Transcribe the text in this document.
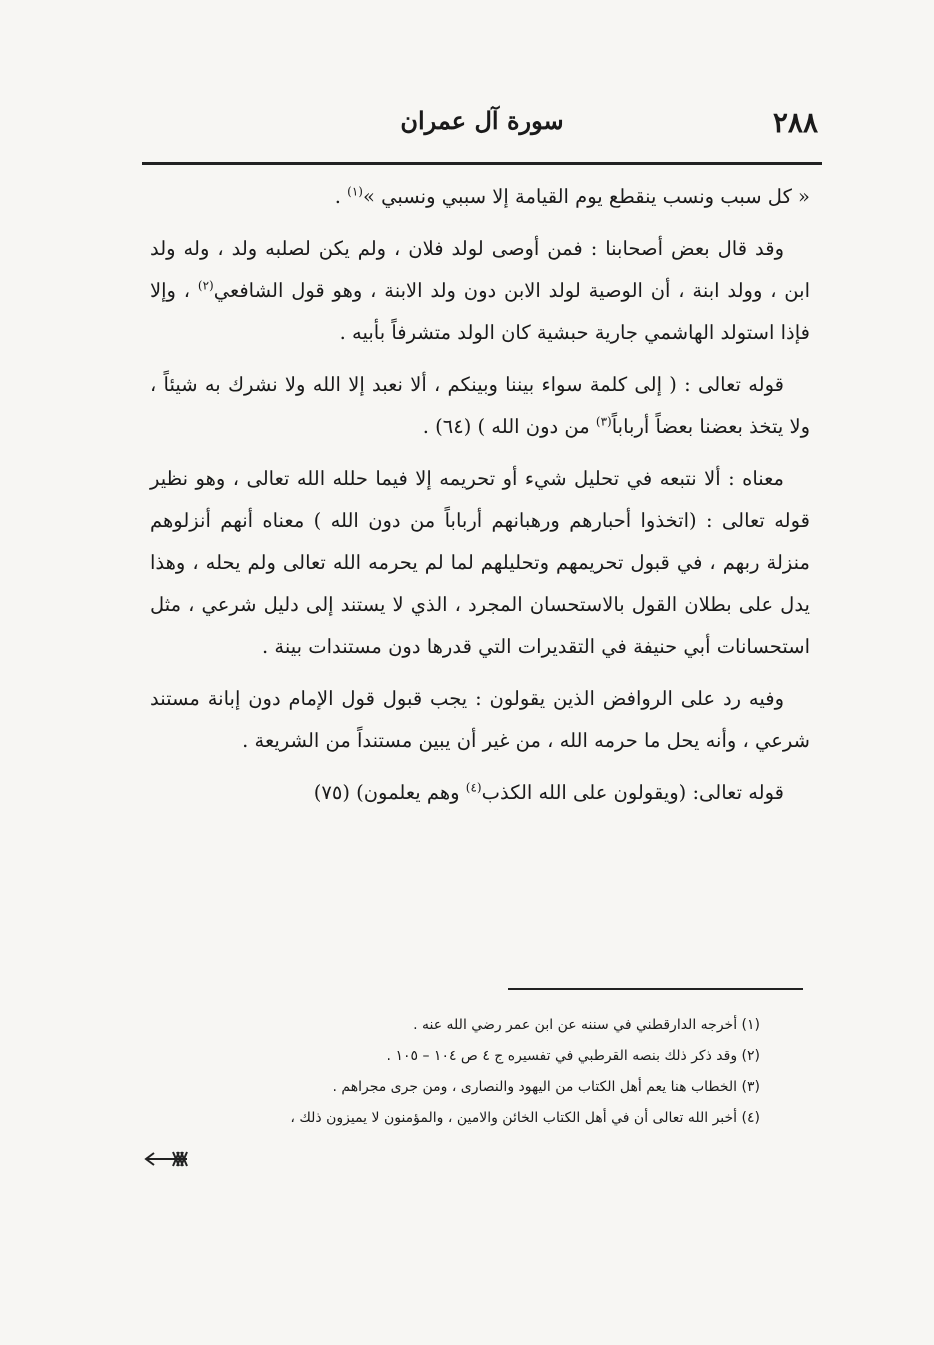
٢٨٨
سورة آل عمران

« كل سبب ونسب ينقطع يوم القيامة إلا سببي ونسبي »$^{(١)}$ .

وقد قال بعض أصحابنا : فمن أوصى لولد فلان ، ولم يكن لصلبه ولد ، وله ولد ابن ، وولد ابنة ، أن الوصية لولد الابن دون ولد الابنة ، وهو قول الشافعي$^{(٢)}$ ، وإلا فإذا استولد الهاشمي جارية حبشية كان الولد متشرفاً بأبيه .

قوله تعالى : ( إلى كلمة سواء بيننا وبينكم ، ألا نعبد إلا الله ولا نشرك به شيئاً ، ولا يتخذ بعضنا بعضاً أرباباً$^{(٣)}$ من دون الله ) (٦٤) .

معناه : ألا نتبعه في تحليل شيء أو تحريمه إلا فيما حلله الله تعالى ، وهو نظير قوله تعالى : (اتخذوا أحبارهم ورهبانهم أرباباً من دون الله ) معناه أنهم أنزلوهم منزلة ربهم ، في قبول تحريمهم وتحليلهم لما لم يحرمه الله تعالى ولم يحله ، وهذا يدل على بطلان القول بالاستحسان المجرد ، الذي لا يستند إلى دليل شرعي ، مثل استحسانات أبي حنيفة في التقديرات التي قدرها دون مستندات بينة .

وفيه رد على الروافض الذين يقولون : يجب قبول قول الإمام دون إبانة مستند شرعي ، وأنه يحل ما حرمه الله ، من غير أن يبين مستنداً من الشريعة .

قوله تعالى: (ويقولون على الله الكذب$^{(٤)}$ وهم يعلمون) (٧٥)

(١) أخرجه الدارقطني في سننه عن ابن عمر رضي الله عنه .
(٢) وقد ذكر ذلك بنصه القرطبي في تفسيره ج ٤ ص ١٠٤ – ١٠٥ .
(٣) الخطاب هنا يعم أهل الكتاب من اليهود والنصارى ، ومن جرى مجراهم .
(٤) أخبر الله تعالى أن في أهل الكتاب الخائن والامين ، والمؤمنون لا يميزون ذلك ،
